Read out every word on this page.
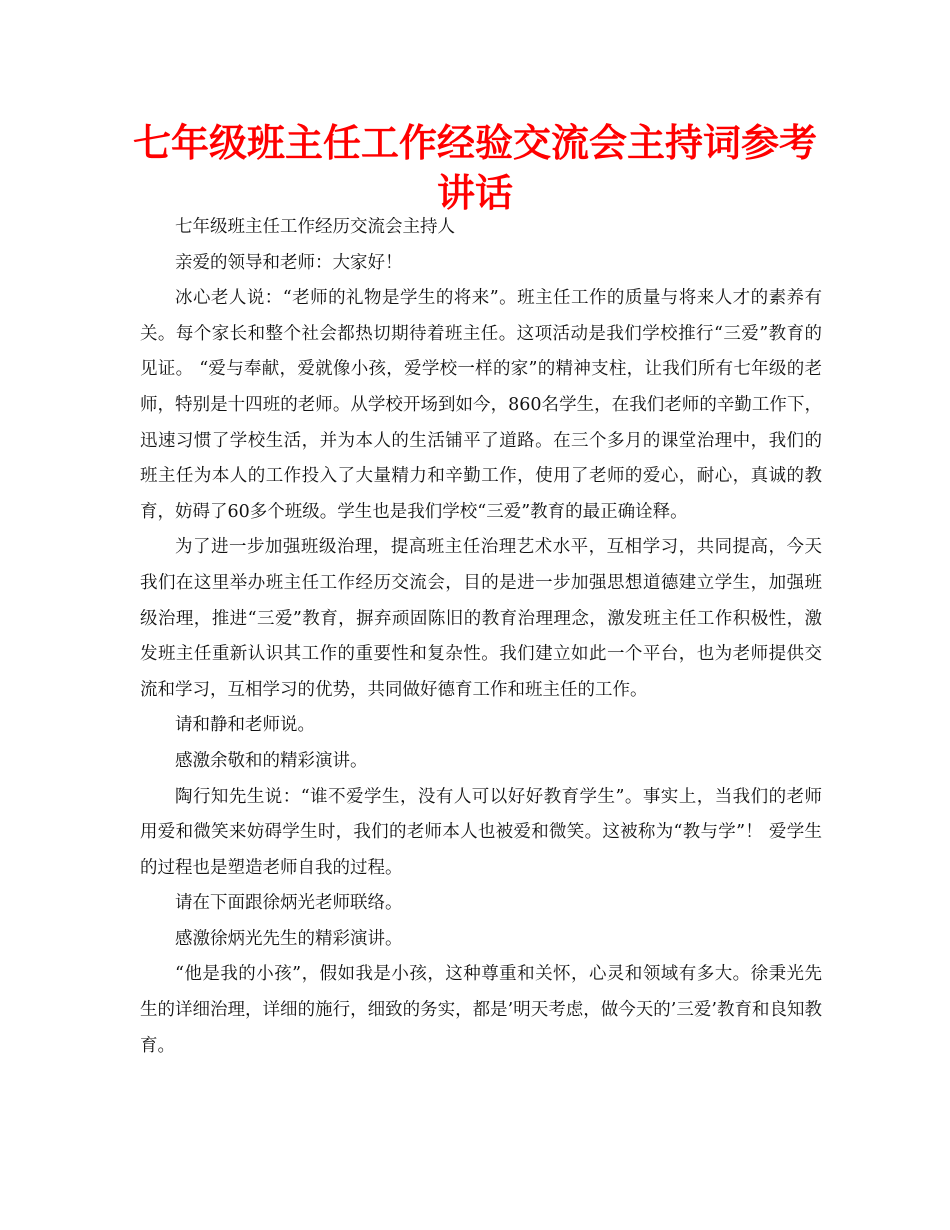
七年级班主任工作经验交流会主持词参考讲话

七年级班主任工作经历交流会主持人

亲爱的领导和老师：大家好！

冰心老人说：“老师的礼物是学生的将来”。班主任工作的质量与将来人才的素养有关。每个家长和整个社会都热切期待着班主任。这项活动是我们学校推行“三爱”教育的见证。 “爱与奉献，爱就像小孩，爱学校一样的家”的精神支柱，让我们所有七年级的老师，特别是十四班的老师。从学校开场到如今，860名学生，在我们老师的辛勤工作下，迅速习惯了学校生活，并为本人的生活铺平了道路。在三个多月的课堂治理中，我们的班主任为本人的工作投入了大量精力和辛勤工作，使用了老师的爱心，耐心，真诚的教育，妨碍了60多个班级。学生也是我们学校“三爱”教育的最正确诠释。

为了进一步加强班级治理，提高班主任治理艺术水平，互相学习，共同提高，今天我们在这里举办班主任工作经历交流会，目的是进一步加强思想道德建立学生，加强班级治理，推进“三爱”教育，摒弃顽固陈旧的教育治理理念，激发班主任工作积极性，激发班主任重新认识其工作的重要性和复杂性。我们建立如此一个平台，也为老师提供交流和学习，互相学习的优势，共同做好德育工作和班主任的工作。

请和静和老师说。

感激余敬和的精彩演讲。

陶行知先生说：“谁不爱学生，没有人可以好好教育学生”。事实上，当我们的老师用爱和微笑来妨碍学生时，我们的老师本人也被爱和微笑。这被称为“教与学”！ 爱学生的过程也是塑造老师自我的过程。

请在下面跟徐炳光老师联络。

感激徐炳光先生的精彩演讲。

“他是我的小孩”，假如我是小孩，这种尊重和关怀，心灵和领域有多大。徐秉光先生的详细治理，详细的施行，细致的务实，都是’明天考虑，做今天的’三爱’教育和良知教育。
